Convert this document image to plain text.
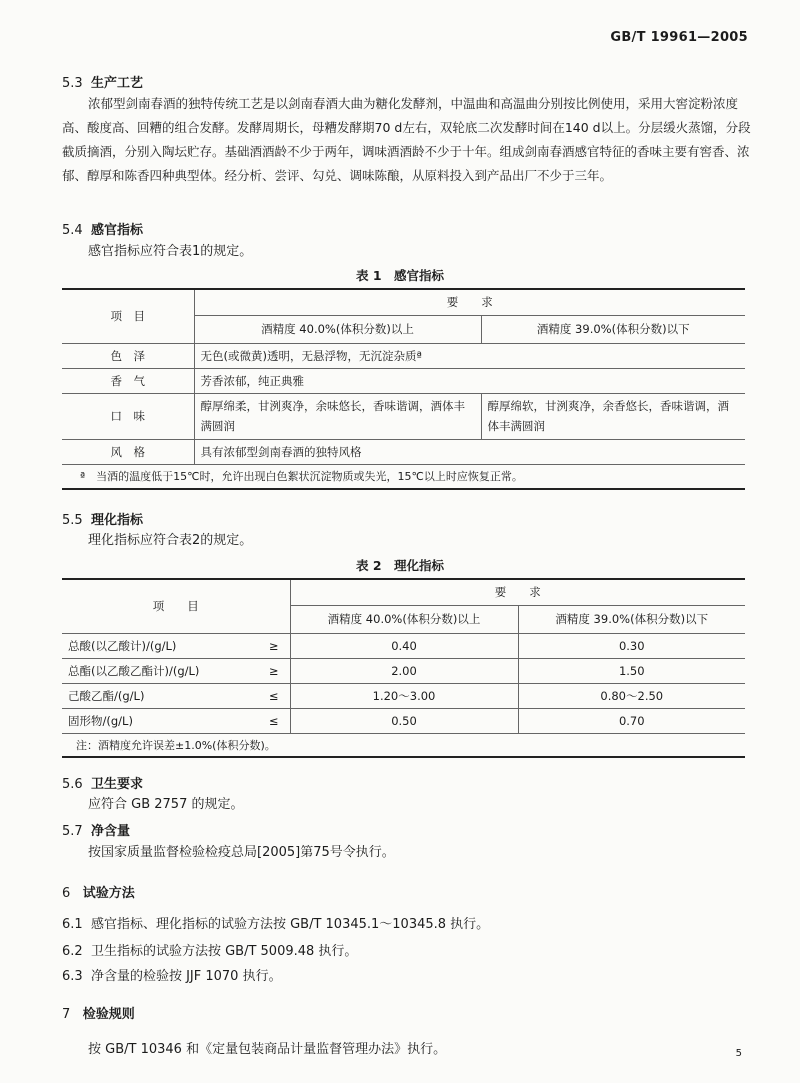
GB/T 19961—2005
5.3 生产工艺
浓郁型剑南春酒的独特传统工艺是以剑南春酒大曲为糖化发酵剂，中温曲和高温曲分别按比例使用，采用大窖淀粉浓度高、酸度高、回糟的组合发酵。发酵周期长，母糟发酵期70 d左右，双轮底二次发酵时间在140 d以上。分层缓火蒸馏，分段截质摘酒，分别入陶坛贮存。基础酒酒龄不少于两年，调味酒酒龄不少于十年。组成剑南春酒感官特征的香味主要有窖香、浓郁、醇厚和陈香四种典型体。经分析、尝评、勾兑、调味陈酿，从原料投入到产品出厂不少于三年。
5.4 感官指标
感官指标应符合表1的规定。
表 1　感官指标
项　目	要　　求	
	酒精度 40.0%(体积分数)以上	酒精度 39.0%(体积分数)以下
色　泽	无色(或微黄)透明，无悬浮物，无沉淀杂质ª	
香　气	芳香浓郁，纯正典雅	
口　味	醇厚绵柔，甘洌爽净，余味悠长，香味谐调，酒体丰满圆润	醇厚绵软，甘洌爽净，余香悠长，香味谐调，酒体丰满圆润
风　格	具有浓郁型剑南春酒的独特风格	
ª　当酒的温度低于15℃时，允许出现白色絮状沉淀物质或失光，15℃以上时应恢复正常。		
5.5 理化指标
理化指标应符合表2的规定。
表 2　理化指标
项　　目		要　　求	
		酒精度 40.0%(体积分数)以上	酒精度 39.0%(体积分数)以下
总酸(以乙酸计)/(g/L)	≥	0.40	0.30
总酯(以乙酸乙酯计)/(g/L)	≥	2.00	1.50
己酸乙酯/(g/L)	≤	1.20～3.00	0.80～2.50
固形物/(g/L)	≤	0.50	0.70
注：酒精度允许误差±1.0%(体积分数)。			
5.6 卫生要求
应符合 GB 2757 的规定。
5.7 净含量
按国家质量监督检验检疫总局[2005]第75号令执行。
6 试验方法
6.1 感官指标、理化指标的试验方法按 GB/T 10345.1～10345.8 执行。
6.2 卫生指标的试验方法按 GB/T 5009.48 执行。
6.3 净含量的检验按 JJF 1070 执行。
7 检验规则
按 GB/T 10346 和《定量包装商品计量监督管理办法》执行。	5
